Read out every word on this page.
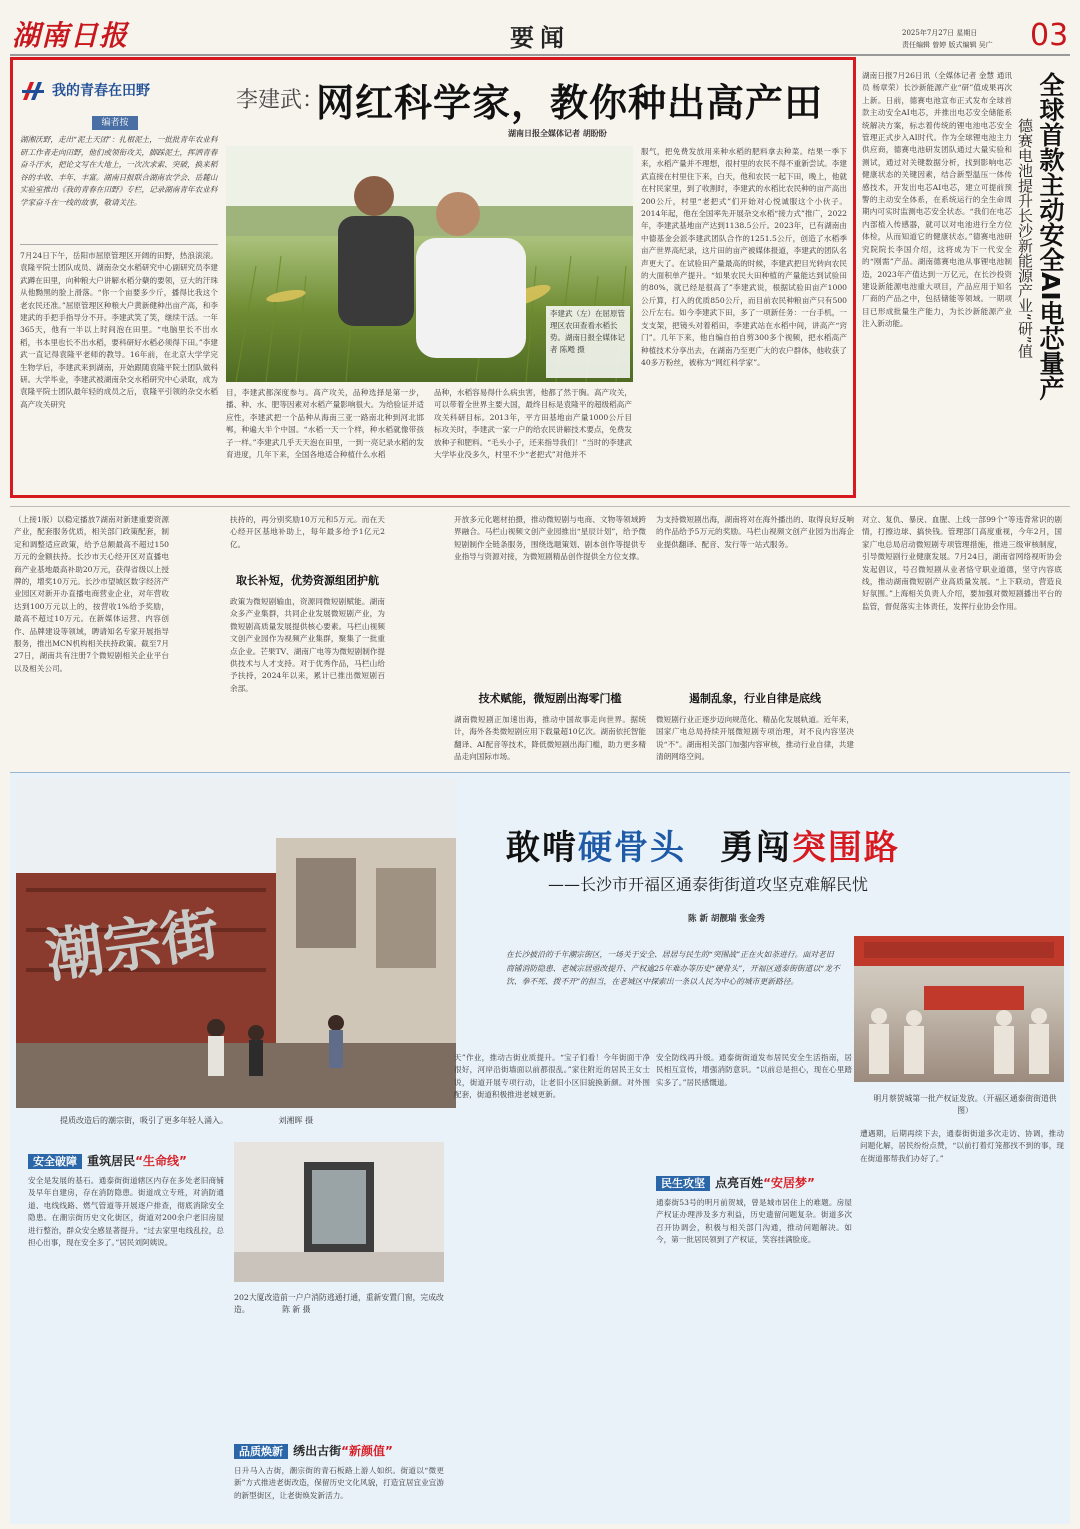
湖南日报	要闻	2025年7月27日 星期日
责任编辑 曾婷 版式编辑 吴广 03
我的青春在田野
编者按
湖湘沃野，走出“泥土天团”：扎根泥土，一批批青年农业科研工作者走向田野，他们或领衔攻关，脚踩泥土，挥洒青春奋斗汗水，把论文写在大地上，一次次求索、突破，换来稻谷的丰收、丰年、丰富。湖南日报联合湖南农学会、岳麓山实验室推出《我的青春在田野》专栏，记录湖南青年农业科学家奋斗在一线的故事，敬请关注。
7月24日下午，岳阳市屈原管理区开阔的田野，热浪滚滚。袁隆平院士团队成员、湖南杂交水稻研究中心副研究员李建武蹲在田里，向种粮大户讲解水稻分蘖的要领，豆大的汗珠从他黝黑的脸上滑落。“你一个亩要多少斤，播得比我这个老农民还准。”屈原管理区种粮大户黄新健种出亩产高，和李建武的手把手指导分不开。李建武笑了笑，继续干活。一年365天，他有一半以上时间泡在田里。“电脑里长不出水稻，书本里也长不出水稻，要科研好水稻必须得下田。”李建武一直记得袁隆平老师的教导。16年前，在北京大学学完生物学后，李建武来到湖南，开始跟随袁隆平院士团队做科研。大学毕业，李建武被湖南杂交水稻研究中心录取，成为袁隆平院士团队最年轻的成员之后，袁隆平引领的杂交水稻高产攻关研究
李建武：
网红科学家，教你种出高产田
湖南日报全媒体记者 胡盼盼
李建武（左）在屈原管理区农田查看水稻长势。湖南日报全媒体记者 陈飏 摄
目，李建武都深度参与。高产攻关，品种选择是第一步，播、种、水、肥等因素对水稻产量影响很大。为给验证并适应性，李建武把一个品种从海南三亚一路南北种到河北邯郸，种遍大半个中国。“水稻一天一个样，种水稻就像带孩子一样。”李建武几乎天天泡在田里，一到一亮记录水稻的发育进度，几年下来，全国各地适合种植什么水稻
品种，水稻容易得什么病虫害，他都了然于胸。高产攻关，可以带着全世界主要大国，最终目标是袁隆平的超级稻高产攻关科研目标。2013年，平方田基地亩产量1000公斤目标攻关时，李建武一家一户的给农民讲解技术要点，免费发放种子和肥料。“毛头小子，还来指导我们！”当时的李建武大学毕业没多久，村里不少“老把式”对他并不
服气，把免费发放用来种水稻的肥料拿去种菜。结果一季下来，水稻产量并不理想，很村里的农民不得不重新尝试。李建武直接在村里住下来，白天，他和农民一起下田，晚上，他就在村民家里，到了收割时，李建武的水稻比农民种的亩产高出200公斤，村里“老把式”们开始对心悦诚服这个小伙子。2014年起，他在全国率先开展杂交水稻“接力式”推广，2022年，李建武基地亩产达到1138.5公斤。2023年，已有湖南由中德基金会派李建武团队合作的1251.5公斤，创造了水稻季亩产世界高纪录，这片田的亩产被媒体报道，李建武的团队名声更大了。在试验田产量最高的时候，李建武把目光转向农民的大面积单产提升。“如果农民大田种植的产量能达到试验田的80%，就已经是很高了”李建武说，根据试验田亩产1000公斤算，打入的优质850公斤，而目前农民种粮亩产只有500公斤左右。如今李建武下田，多了一项新任务：一台手机，一支支架，把镜头对着稻田，李建武站在水稻中间，讲高产“窍门”。几年下来，他自编自拍自剪300多个视频，把水稻高产种植技术分享出去，在湖南乃至更广大的农户群体，他收获了40多万粉丝，被称为“网红科学家”。
湖南日报7月26日讯（全媒体记者 金慧 通讯员 杨章荣）长沙新能源产业“研”值成果再次上新。日前，德赛电池宣布正式发布全球首款主动安全AI电芯，并推出电芯安全储能系统解决方案，标志着传统的锂电池电芯安全管理正式步入AI时代。作为全球锂电池主力供应商，德赛电池研发团队通过大量实验和测试，通过对关键数据分析，找到影响电芯健康状态的关键因素，结合新型温压一体传感技术，开发出电芯AI电芯，建立可提前预警的主动安全体系，在系统运行的全生命周期内可实时监测电芯安全状态。“我们在电芯内部植入传感器，就可以对电池进行全方位体检，从而知道它的健康状态。”德赛电池研究院院长李国介绍，这将成为下一代安全的“刚需”产品。湖南德赛电池从事锂电池制造，2023年产值达到一万亿元，在长沙投资建设新能源电池重大项目，产品应用于知名厂商的产品之中，包括储能等领域。一期项目已形成批量生产能力，为长沙新能源产业注入新动能。	德赛电池提升长沙新能源产业“研”值 全球首款主动安全AI电芯量产
（上接1版）以稳定播放7湖南对新建重要资源产业，配套服务优质，相关部门政策配套，制定和调整适应政策，给予总额最高不超过150万元的金额扶持。长沙市天心经开区对直播电商产业基地最高补助20万元，获得省级以上授牌的，增奖10万元。长沙市望城区数字经济产业园区对新开办直播电商营业企业，对年营收达到100万元以上的，按营收1%给予奖励，最高不超过10万元。在新媒体运营、内容创作、品牌建设等领域，聘请知名专家开展指导服务，推出MCN机构相关扶持政策。截至7月27日，湖南共有注册7个微短剧相关企业平台以及相关公司。
扶持的，再分别奖励10万元和5万元。而在天心经开区基地补助上，每年最多给予1亿元2亿。
取长补短，优势资源组团护航
政策为微短剧输血，资源同微短剧赋能。湖南众多产业集群，共同企业发展微短剧产业，为微短剧高质量发展提供核心要素。马栏山视频文创产业园作为视频产业集群，聚集了一批重点企业。芒果TV、湖南广电等为微短剧制作提供技术与人才支持。对于优秀作品，马栏山给予扶持，2024年以来，累计已推出微短剧百余部。
开放多元化题材拍摄，推动微短剧与电商、文物等领域跨界融合。马栏山视频文创产业园推出“星辰计划”，给予微短剧制作全链条服务，围绕选题策划、剧本创作等提供专业指导与资源对接，为微短剧精品创作提供全方位支撑。
技术赋能，微短剧出海零门槛
湖南微短剧正加速出海，推动中国故事走向世界。据统计，海外各类微短剧应用下载量超10亿次。湖南依托智能翻译、AI配音等技术，降低微短剧出海门槛，助力更多精品走向国际市场。
为支持微短剧出海，湖南将对在海外播出的、取得良好反响的作品给予5万元的奖励。马栏山视频文创产业园为出海企业提供翻译、配音、发行等一站式服务。
遏制乱象，行业自律是底线
微短剧行业正逐步迈向规范化、精品化发展轨道。近年来，国家广电总局持续开展微短剧专项治理，对不良内容坚决说“不”。湖南相关部门加强内容审核，推动行业自律，共建清朗网络空间。
对立、复仇、暴戾、血腥、上线一部99个“等违背常识的剧情，打擦边球、搞快钱。管理部门高度重视，今年2月，国家广电总局启动微短剧专项管理措施，推进三级审核制度，引导微短剧行业健康发展。7月24日，湖南省网络视听协会发起倡议，号召微短剧从业者恪守职业道德，坚守内容底线，推动湖南微短剧产业高质量发展。“上下联动，营造良好氛围。”上海相关负责人介绍，要加强对微短剧播出平台的监管，督促落实主体责任，发挥行业协会作用。
潮宗街
提质改造后的潮宗街，吸引了更多年轻人涌入。	刘湘晖 摄
敢啃硬骨头 勇闯突围路
——长沙市开福区通泰街街道攻坚克难解民忧
陈 新 胡靓瑞 张金秀
在长沙披沿的千年潮宗街区，一场关于安全、居居与民生的“突围战”正在火如荼进行。面对老旧商铺消防隐患、老城宗居亟改提升、产权逾25年难办等历史“硬骨头”，开福区通泰街街道以“龙不饮、拳不死、拨不开”的担当，在老城区中探索出一条以人民为中心的城市更新路径。
明月蔡贺城第一批产权证发放。（开福区通泰街街道供图）
安全破障 重筑居民“生命线”
安全是发展的基石。通泰街街道辖区内存在多处老旧商铺及早年自建房，存在消防隐患。街道成立专班，对消防通道、电线线路、燃气管道等开展逐户排查，彻底消除安全隐患。在潮宗街历史文化街区，街道对200余户老旧房屋进行整治，群众安全感显著提升。“过去家里电线乱拉，总担心出事，现在安全多了。”居民刘阿姨说。
202大厦改造前一户户消防逃通打通，重新安置门窗，完成改造。	陈 新 摄
品质焕新 绣出古街“新颜值”
日升马入古街，潮宗街的青石板路上游人如织。街道以“微更新”方式推进老街改造，保留历史文化风貌，打造宜居宜业宜游的新型街区，让老街焕发新活力。
天”作业，推动古街业质提升。“宝子们看！今年街面干净很好，河岸沿街墙面以前都很乱。”家住附近的居民王女士说，街道开展专项行动，让老旧小区旧貌换新颜。对外围配套，街道积极推进老城更新。
安全防线再升级。通泰街街道发布居民安全生活指南，居民相互宣传，增强消防意识。“以前总是担心，现在心里踏实多了。”居民感慨道。
民生攻坚 点亮百姓“安居梦”
通泰街53号的明月前贺城，曾是城市居住上的难题。房屋产权证办理涉及多方利益，历史遗留问题复杂。街道多次召开协调会，积极与相关部门沟通，推动问题解决。如今，第一批居民领到了产权证，笑容挂满脸庞。
遭遇期，后期再续下去，通泰街街道多次走访、协调，推动问题化解，居民纷纷点赞，“以前打着灯笼都找不到的事，现在街道都帮我们办好了。”
